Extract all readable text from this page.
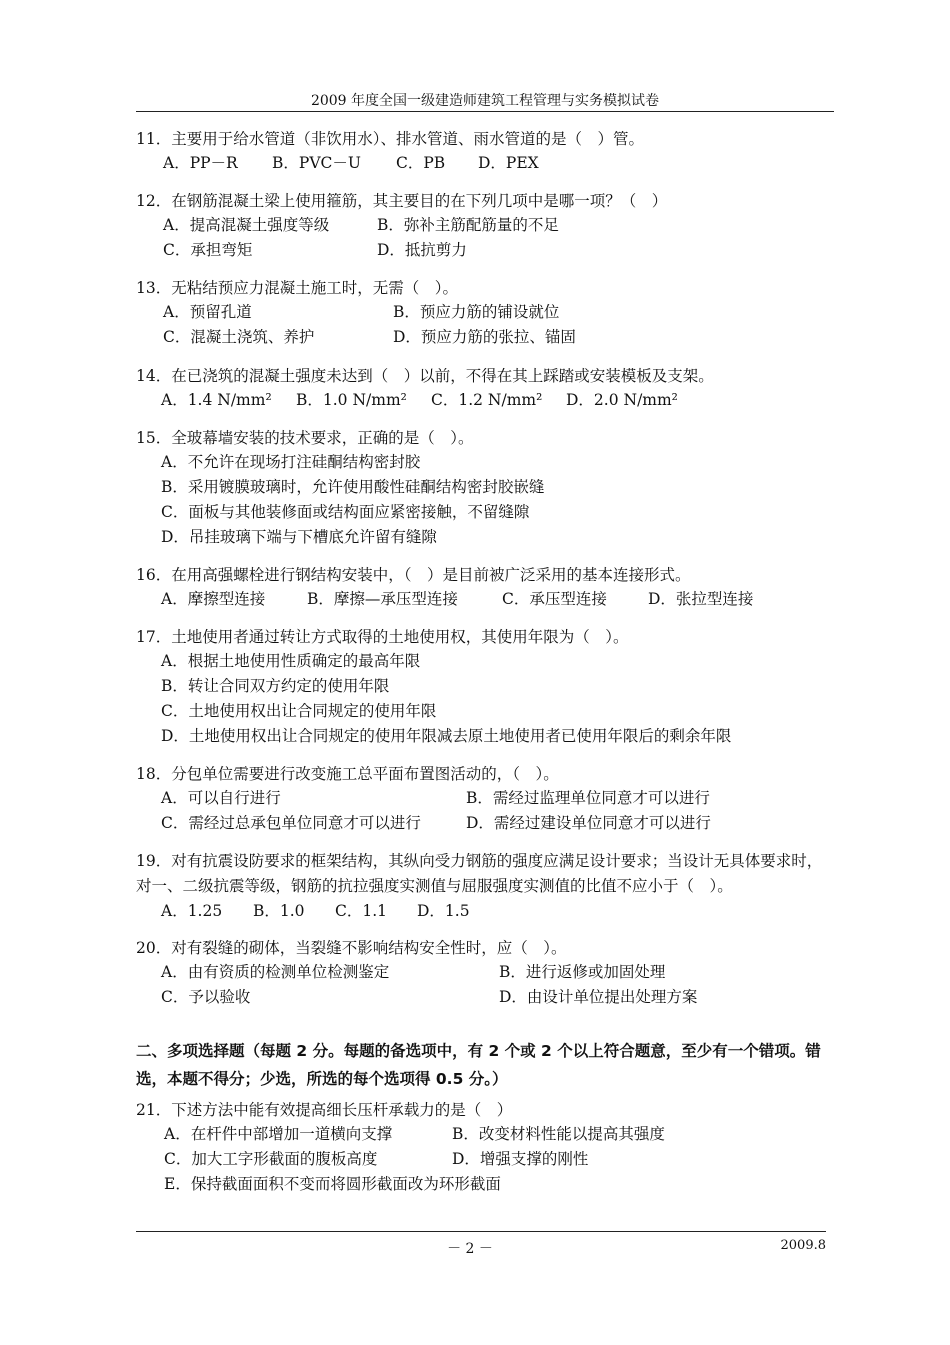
2009 年度全国一级建造师建筑工程管理与实务模拟试卷
11．主要用于给水管道（非饮用水）、排水管道、雨水管道的是（　）管。
A．PP－R B．PVC－U C．PB D．PEX
12．在钢筋混凝土梁上使用箍筋，其主要目的在下列几项中是哪一项？（　）
A．提高混凝土强度等级	B．弥补主筋配筋量的不足
C．承担弯矩	D．抵抗剪力
13．无粘结预应力混凝土施工时，无需（　）。
A．预留孔道	B．预应力筋的铺设就位
C．混凝土浇筑、养护	D．预应力筋的张拉、锚固
14．在已浇筑的混凝土强度未达到（　）以前，不得在其上踩踏或安装模板及支架。
A．1.4 N/mm² B．1.0 N/mm² C．1.2 N/mm² D．2.0 N/mm²
15．全玻幕墙安装的技术要求，正确的是（　）。
A．不允许在现场打注硅酮结构密封胶
B．采用镀膜玻璃时，允许使用酸性硅酮结构密封胶嵌缝
C．面板与其他装修面或结构面应紧密接触，不留缝隙
D．吊挂玻璃下端与下槽底允许留有缝隙
16．在用高强螺栓进行钢结构安装中，（　）是目前被广泛采用的基本连接形式。
A．摩擦型连接	B．摩擦—承压型连接	C．承压型连接	D．张拉型连接
17．土地使用者通过转让方式取得的土地使用权，其使用年限为（　）。
A．根据土地使用性质确定的最高年限
B．转让合同双方约定的使用年限
C．土地使用权出让合同规定的使用年限
D．土地使用权出让合同规定的使用年限减去原土地使用者已使用年限后的剩余年限
18．分包单位需要进行改变施工总平面布置图活动的，（　）。
A．可以自行进行	B．需经过监理单位同意才可以进行
C．需经过总承包单位同意才可以进行	D．需经过建设单位同意才可以进行
19．对有抗震设防要求的框架结构，其纵向受力钢筋的强度应满足设计要求；当设计无具体要求时，对一、二级抗震等级，钢筋的抗拉强度实测值与屈服强度实测值的比值不应小于（　）。
A．1.25 B．1.0 C．1.1 D．1.5
20．对有裂缝的砌体，当裂缝不影响结构安全性时，应（　）。
A．由有资质的检测单位检测鉴定	B．进行返修或加固处理
C．予以验收	D．由设计单位提出处理方案
二、多项选择题（每题 2 分。每题的备选项中，有 2 个或 2 个以上符合题意，至少有一个错项。错选，本题不得分；少选，所选的每个选项得 0.5 分。）
21．下述方法中能有效提高细长压杆承载力的是（　）
A．在杆件中部增加一道横向支撑	B．改变材料性能以提高其强度
C．加大工字形截面的腹板高度	D．增强支撑的刚性
E．保持截面面积不变而将圆形截面改为环形截面
－ 2 －	2009.8
